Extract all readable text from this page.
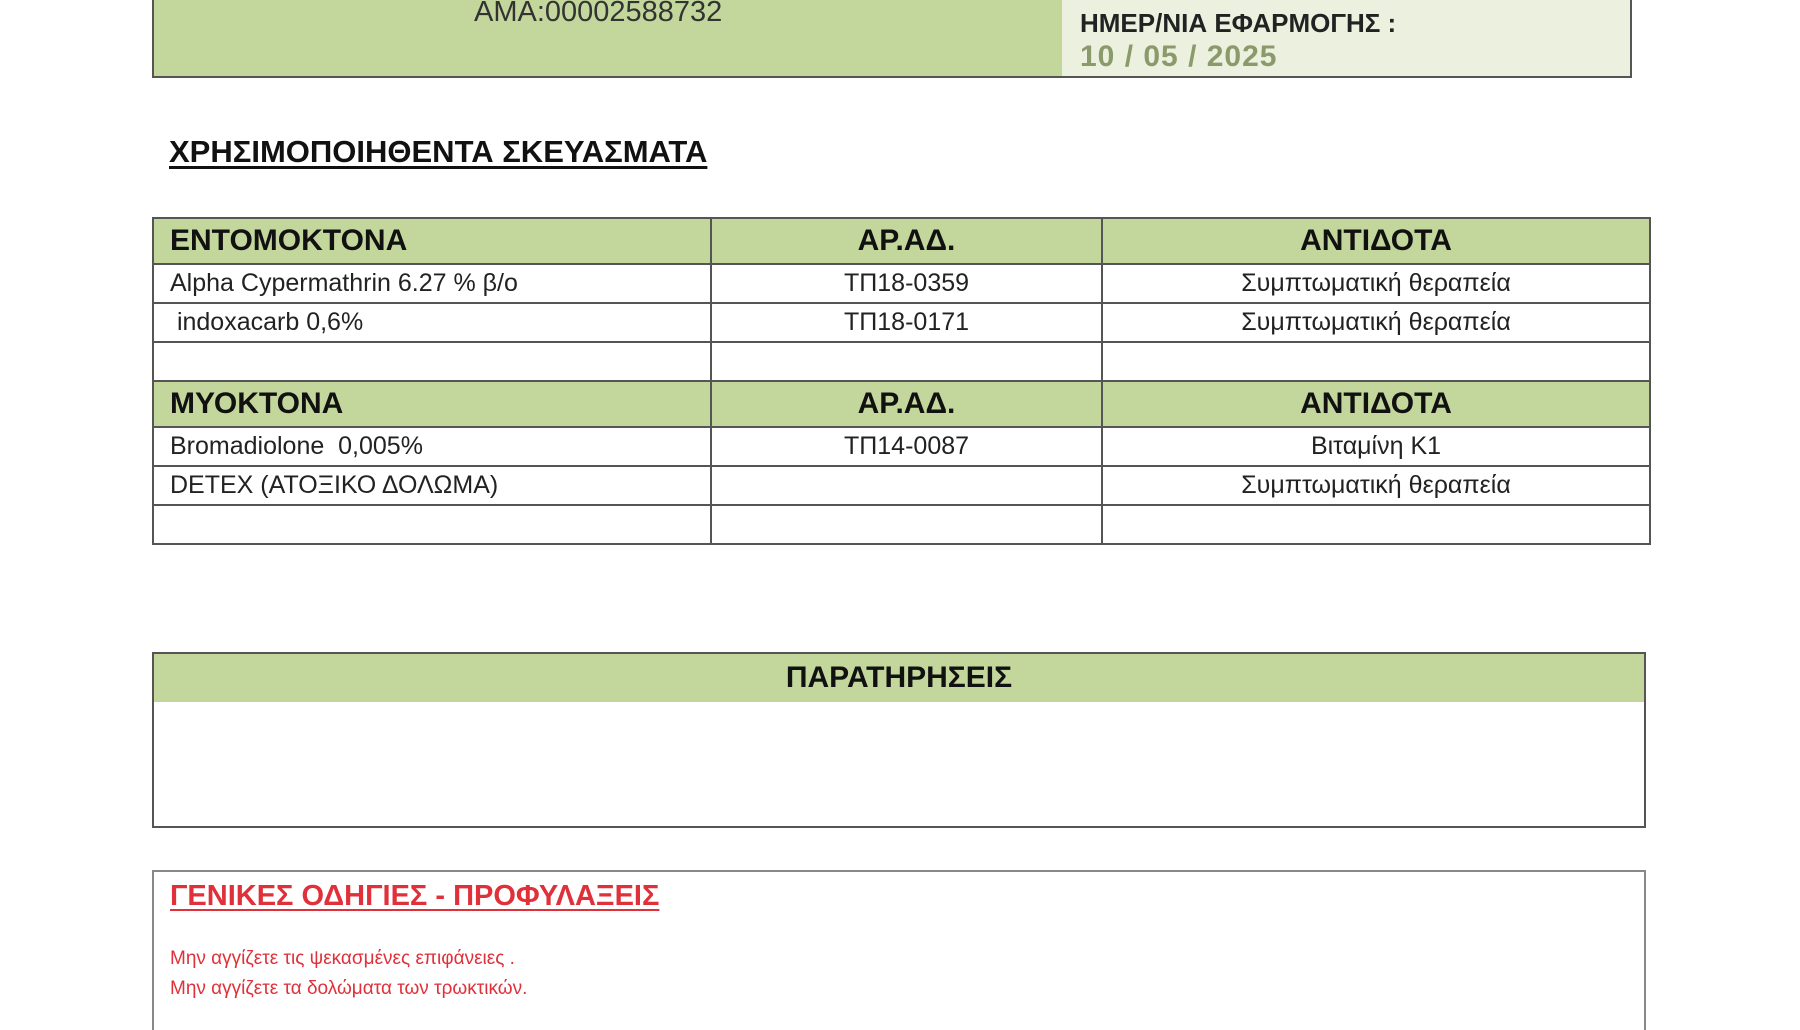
ΑΜΑ:00002588732	ΗΜΕΡ/ΝΙΑ ΕΦΑΡΜΟΓΗΣ :
10 / 05 / 2025
ΧΡΗΣΙΜΟΠΟΙΗΘΕΝΤΑ ΣΚΕΥΑΣΜΑΤΑ
ΕΝΤΟΜΟΚΤΟΝΑ	ΑΡ.ΑΔ.	ΑΝΤΙΔΟΤΑ
Alpha Cypermathrin 6.27 % β/ο	ΤΠ18-0359	Συμπτωματική θεραπεία
indoxacarb 0,6%	ΤΠ18-0171	Συμπτωματική θεραπεία

ΜΥΟΚΤΟΝΑ	ΑΡ.ΑΔ.	ΑΝΤΙΔΟΤΑ
Bromadiolone  0,005%	ΤΠ14-0087	Βιταμίνη Κ1
DETEX (ΑΤΟΞΙΚΟ ΔΟΛΩΜΑ)		Συμπτωματική θεραπεία

ΠΑΡΑΤΗΡΗΣΕΙΣ
ΓΕΝΙΚΕΣ ΟΔΗΓΙΕΣ - ΠΡΟΦΥΛΑΞΕΙΣ
Μην αγγίζετε τις ψεκασμένες επιφάνειες .
Μην αγγίζετε τα δολώματα των τρωκτικών.
